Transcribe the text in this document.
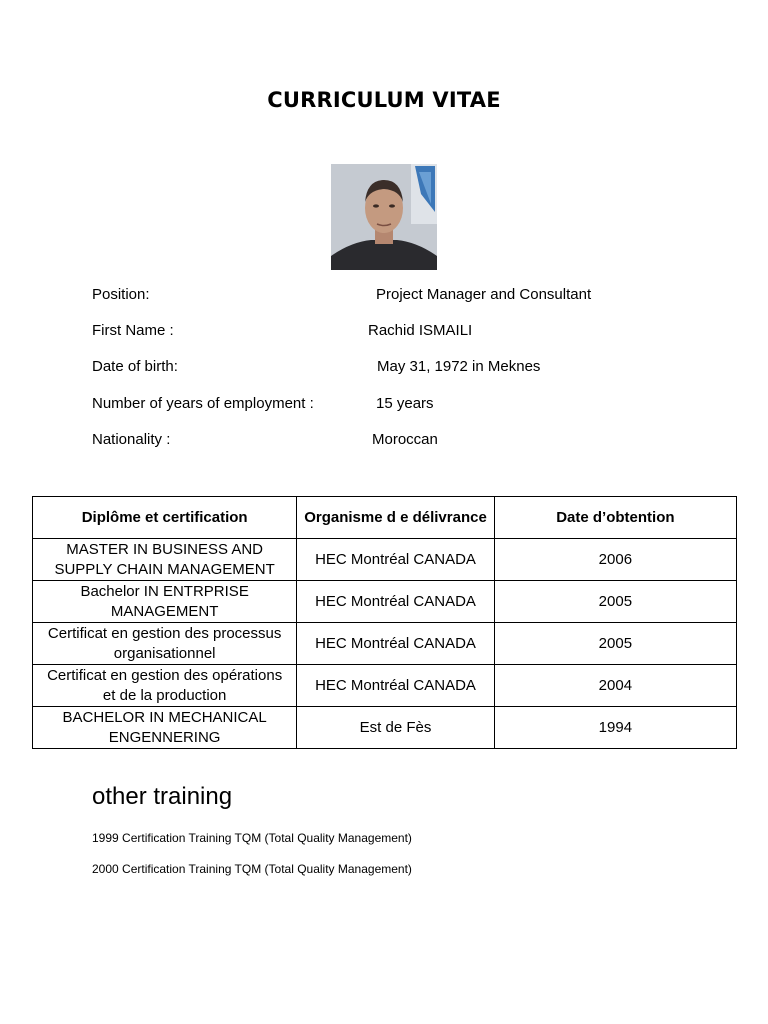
CURRICULUM VITAE
Position:	Project Manager and Consultant
First Name :	Rachid ISMAILI
Date of birth:	May 31, 1972 in Meknes
Number of years of employment :	15 years
Nationality :	Moroccan
Diplôme et certification	Organisme d e délivrance	Date d’obtention
MASTER IN BUSINESS AND SUPPLY CHAIN MANAGEMENT	HEC Montréal CANADA	2006
Bachelor IN ENTRPRISE MANAGEMENT	HEC Montréal CANADA	2005
Certificat en gestion des processus organisationnel	HEC Montréal CANADA	2005
Certificat en gestion des opérations et de la production	HEC Montréal CANADA	2004
BACHELOR IN MECHANICAL ENGENNERING	Est de Fès	1994
other training
1999 Certification Training TQM (Total Quality Management)
2000 Certification Training TQM (Total Quality Management)
